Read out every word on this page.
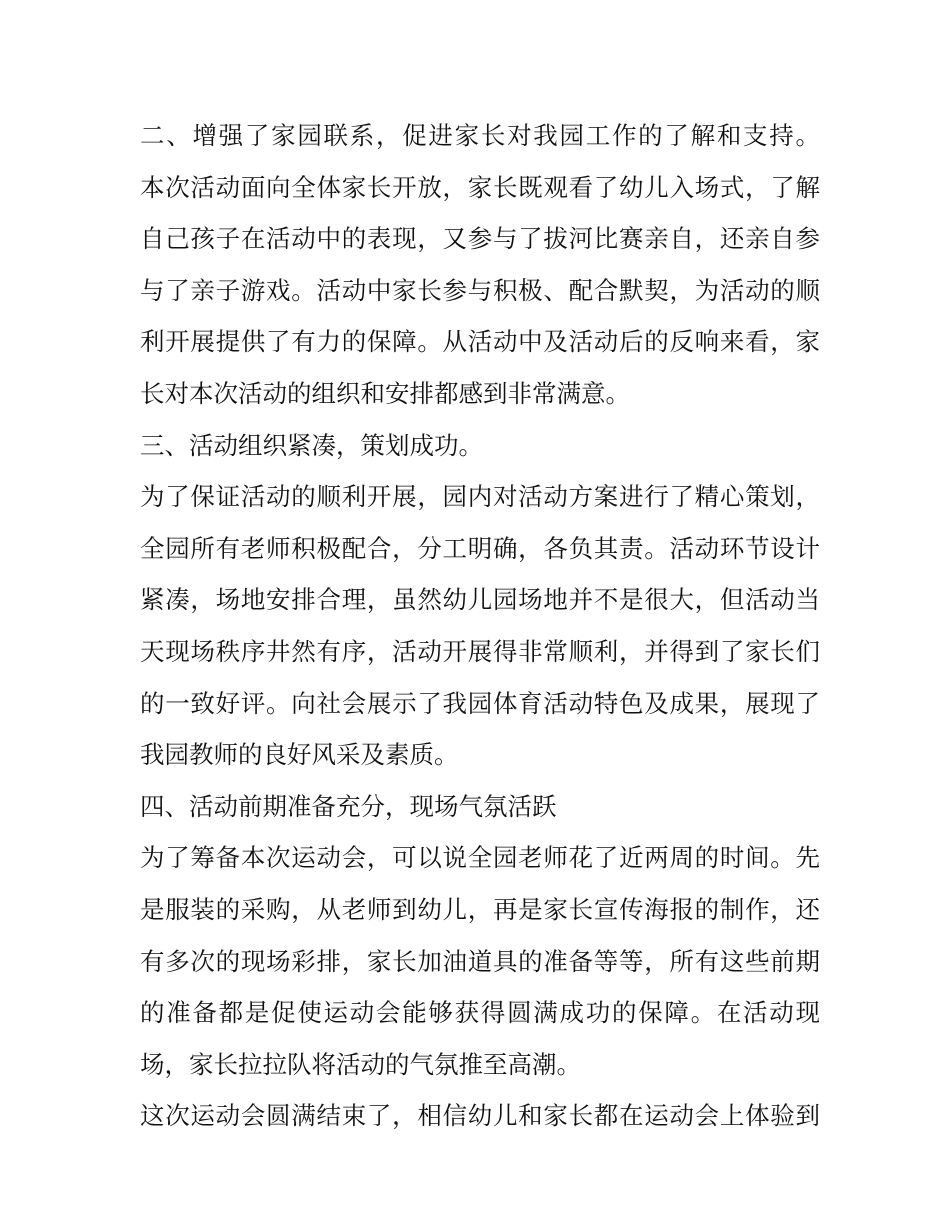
二、增强了家园联系，促进家长对我园工作的了解和支持。
本次活动面向全体家长开放，家长既观看了幼儿入场式，了解
自己孩子在活动中的表现，又参与了拔河比赛亲自，还亲自参
与了亲子游戏。活动中家长参与积极、配合默契，为活动的顺
利开展提供了有力的保障。从活动中及活动后的反响来看，家
长对本次活动的组织和安排都感到非常满意。
三、活动组织紧凑，策划成功。
为了保证活动的顺利开展，园内对活动方案进行了精心策划，
全园所有老师积极配合，分工明确，各负其责。活动环节设计
紧凑，场地安排合理，虽然幼儿园场地并不是很大，但活动当
天现场秩序井然有序，活动开展得非常顺利，并得到了家长们
的一致好评。向社会展示了我园体育活动特色及成果，展现了
我园教师的良好风采及素质。
四、活动前期准备充分，现场气氛活跃
为了筹备本次运动会，可以说全园老师花了近两周的时间。先
是服装的采购，从老师到幼儿，再是家长宣传海报的制作，还
有多次的现场彩排，家长加油道具的准备等等，所有这些前期
的准备都是促使运动会能够获得圆满成功的保障。在活动现
场，家长拉拉队将活动的气氛推至高潮。
这次运动会圆满结束了，相信幼儿和家长都在运动会上体验到
